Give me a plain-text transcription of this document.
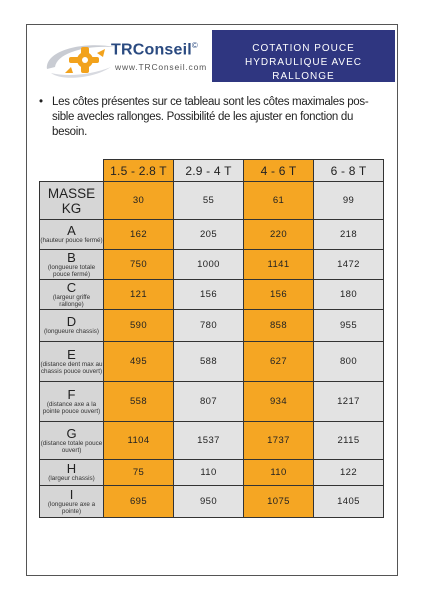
TRConseil©
www.TRConseil.com
COTATION POUCE
HYDRAULIQUE AVEC RALLONGE
• Les côtes présentes sur ce tableau sont les côtes maximales pos-sible avecles rallonges. Possibilité de les ajuster en fonction du besoin.
	1.5 - 2.8 T	2.9 - 4 T	4 - 6 T	6 - 8 T

MASSE KG	30	55	61	99

A
(hauteur pouce fermé)	162	205	220	218

B
(longueure totale pouce fermé)	750	1000	1141	1472

C
(largeur griffe rallonge)	121	156	156	180

D
(longueure chassis)	590	780	858	955

E
(distance dent max au chassis pouce ouvert)	495	588	627	800

F
(distance axe a la pointe pouce ouvert)	558	807	934	1217

G
(distance totale pouce ouvert)	1104	1537	1737	2115

H
(largeur chassis)	75	110	110	122

I
(longueure axe a pointe)	695	950	1075	1405
